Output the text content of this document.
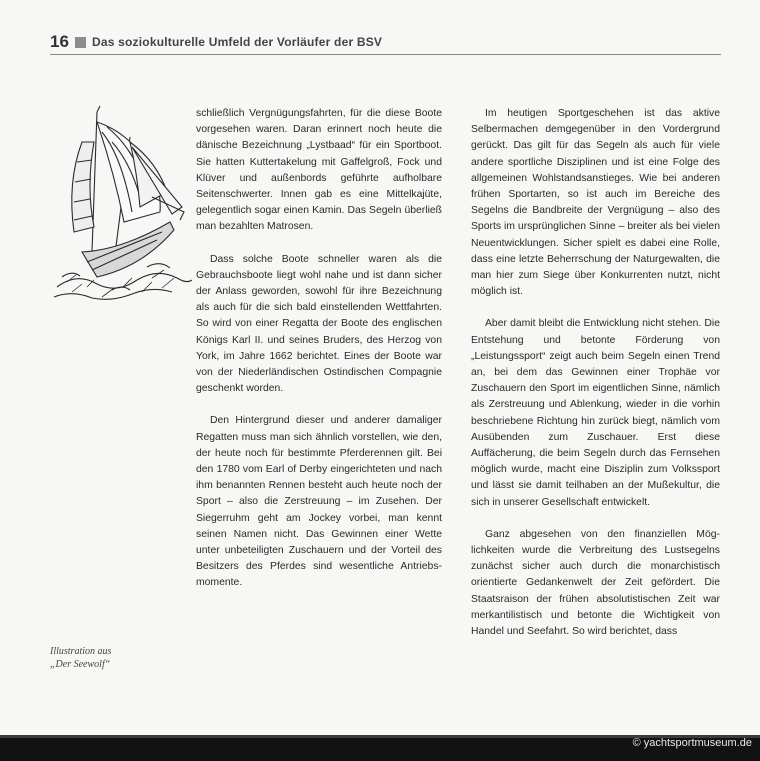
16 Das soziokulturelle Umfeld der Vorläufer der BSV

schließlich Vergnügungsfahrten, für die diese Boote vorgesehen waren. Daran erinnert noch heute die dänische Bezeichnung „Lystbaad“ für ein Sportboot. Sie hatten Kuttertakelung mit Gaffelgroß, Fock und Klüver und außenbords geführte aufholbare Seitenschwerter. Innen gab es eine Mittelkajüte, gelegentlich sogar einen Kamin. Das Segeln überließ man bezahlten Matrosen.

Dass solche Boote schneller waren als die Gebrauchsboote liegt wohl nahe und ist dann sicher der Anlass geworden, sowohl für ihre Bezeichnung als auch für die sich bald einstellenden Wettfahrten. So wird von einer Regatta der Boote des englischen Königs Karl II. und seines Bruders, des Herzog von York, im Jahre 1662 berichtet. Eines der Boote war von der Niederländischen Ostindischen Compagnie geschenkt worden.

Den Hintergrund dieser und anderer damaliger Regatten muss man sich ähnlich vorstellen, wie den, der heute noch für bestimmte Pferderennen gilt. Bei den 1780 vom Earl of Derby eingerichteten und nach ihm benannten Rennen besteht auch heute noch der Sport – also die Zerstreuung – im Zusehen. Der Siegerruhm geht am Jockey vorbei, man kennt seinen Namen nicht. Das Gewinnen einer Wette unter unbeteiligten Zuschauern und der Vorteil des Besitzers des Pferdes sind wesentliche Antriebsmomente.

Im heutigen Sportgeschehen ist das aktive Selbermachen demgegenüber in den Vordergrund gerückt. Das gilt für das Segeln als auch für viele andere sportliche Disziplinen und ist eine Folge des allgemeinen Wohlstandsanstieges. Wie bei anderen frühen Sportarten, so ist auch im Bereiche des Segelns die Bandbreite der Vergnügung – also des Sports im ursprünglichen Sinne – breiter als bei vielen Neuentwicklungen. Sicher spielt es dabei eine Rolle, dass eine letzte Beherrschung der Naturgewalten, die man hier zum Siege über Konkurrenten nutzt, nicht möglich ist.

Aber damit bleibt die Entwicklung nicht stehen. Die Entstehung und betonte Förderung von „Leistungssport“ zeigt auch beim Segeln einen Trend an, bei dem das Gewinnen einer Trophäe vor Zuschauern den Sport im eigentlichen Sinne, nämlich als Zerstreuung und Ablenkung, wieder in die vorhin beschriebene Richtung hin zurück biegt, nämlich vom Ausübenden zum Zuschauer. Erst diese Auffächerung, die beim Segeln durch das Fernsehen möglich wurde, macht eine Disziplin zum Volkssport und lässt sie damit teilhaben an der Mußekultur, die sich in unserer Gesellschaft entwickelt.

Ganz abgesehen von den finanziellen Möglichkeiten wurde die Verbreitung des Lustsegelns zunächst sicher auch durch die monarchistisch orientierte Gedankenwelt der Zeit gefördert. Die Staatsraison der frühen absolutistischen Zeit war merkantilistisch und betonte die Wichtigkeit von Handel und Seefahrt. So wird berichtet, dass

Illustration aus
„Der Seewolf“
© yachtsportmuseum.de
